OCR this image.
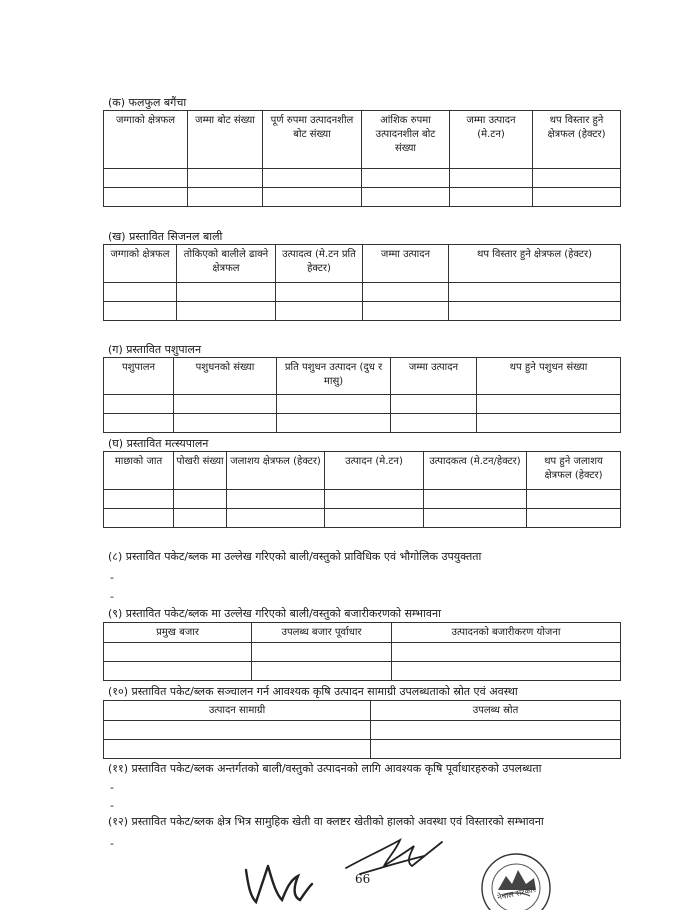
(क) फलफुल बगैंचा
जग्गाको क्षेत्रफल	जम्मा बोट संख्या	पूर्ण रुपमा उत्पादनशील बोट संख्या	आंशिक रुपमा उत्पादनशील बोट संख्या	जम्मा उत्पादन (मे.टन)	थप विस्तार हुने क्षेत्रफल (हेक्टर)

(ख) प्रस्तावित सिजनल बाली
जग्गाको क्षेत्रफल	तोकिएको बालीले ढाक्ने क्षेत्रफल	उत्पादत्व (मे.टन प्रति हेक्टर)	जम्मा उत्पादन	थप विस्तार हुने क्षेत्रफल (हेक्टर)

(ग) प्रस्तावित पशुपालन
पशुपालन	पशुधनको संख्या	प्रति पशुधन उत्पादन (दुध र मासु)	जम्मा उत्पादन	थप हुने पशुधन संख्या

(घ) प्रस्तावित मत्स्यपालन
माछाको जात	पोखरी संख्या	जलाशय क्षेत्रफल (हेक्टर)	उत्पादन (मे.टन)	उत्पादकत्व (मे.टन/हेक्टर)	थप हुने जलाशय क्षेत्रफल (हेक्टर)

(८) प्रस्तावित पकेट/ब्लक मा उल्लेख गरिएको बाली/वस्तुको प्राविधिक एवं भौगोलिक उपयुक्तता
-
-
(९) प्रस्तावित पकेट/ब्लक मा उल्लेख गरिएको बाली/वस्तुको बजारीकरणको सम्भावना
प्रमुख बजार	उपलब्ध बजार पूर्वाधार	उत्पादनको बजारीकरण योजना

(१०) प्रस्तावित पकेट/ब्लक सञ्चालन गर्न आवश्यक कृषि उत्पादन सामाग्री उपलब्धताको स्रोत एवं अवस्था
उत्पादन सामाग्री	उपलब्ध स्रोत

(११) प्रस्तावित पकेट/ब्लक अन्तर्गतको बाली/वस्तुको उत्पादनको लागि आवश्यक कृषि पूर्वाधारहरुको उपलब्धता
-
-
(१२) प्रस्तावित पकेट/ब्लक क्षेत्र भित्र सामुहिक खेती वा क्लष्टर खेतीको हालको अवस्था एवं विस्तारको सम्भावना
-
66
नेपाल सरकार
